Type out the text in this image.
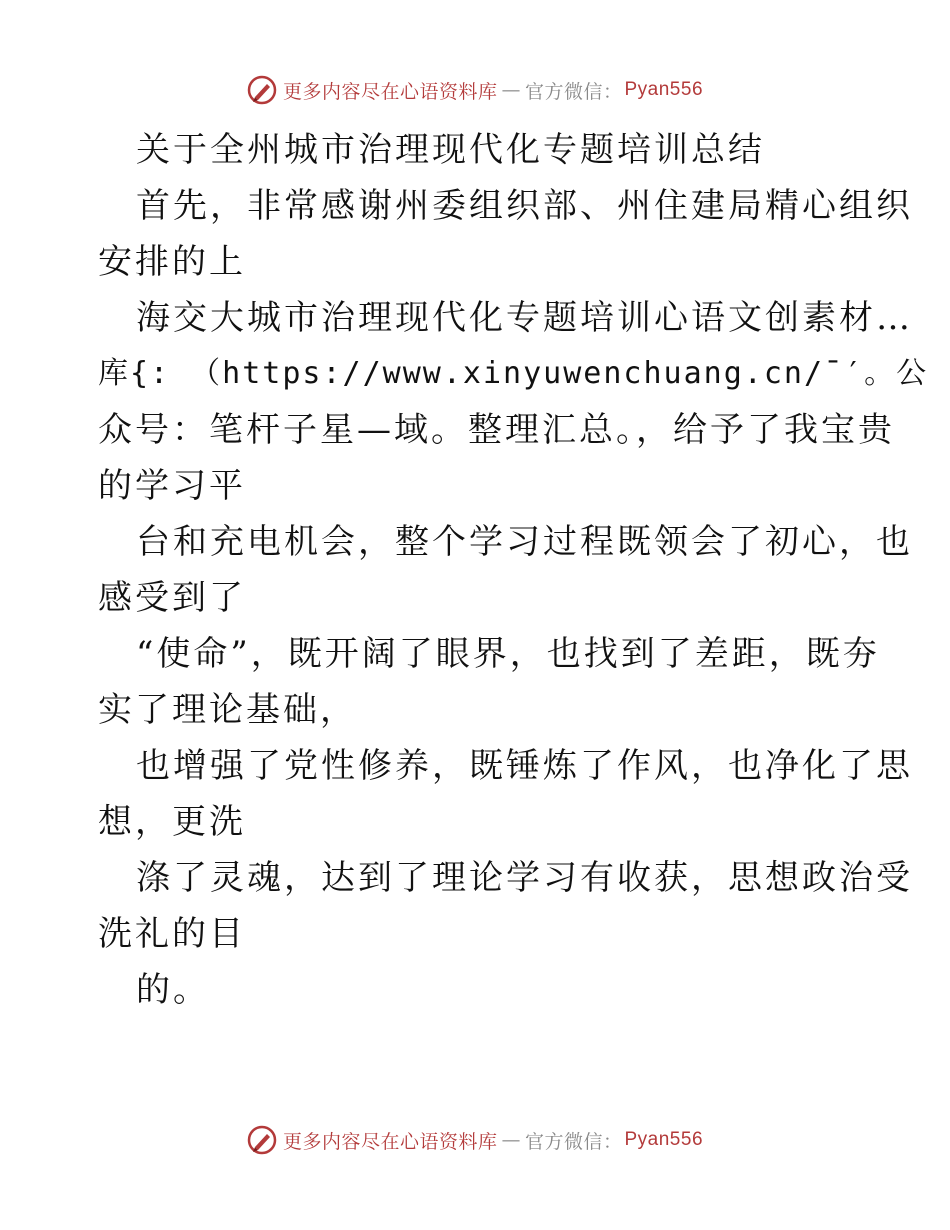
更多内容尽在心语资料库 — 官方微信： Pyan556
关于全州城市治理现代化专题培训总结
首先，非常感谢州委组织部、州住建局精心组织
安排的上
海交大城市治理现代化专题培训心语文创素材…
库{: （https://www.xinyuwenchuang.cn/¯′。公
众号：笔杆子星—域。整理汇总。，给予了我宝贵
的学习平
台和充电机会，整个学习过程既领会了初心，也
感受到了
“使命”，既开阔了眼界，也找到了差距，既夯
实了理论基础，
也增强了党性修养，既锤炼了作风，也净化了思
想，更洗
涤了灵魂，达到了理论学习有收获，思想政治受
洗礼的目
的。
更多内容尽在心语资料库 — 官方微信： Pyan556
